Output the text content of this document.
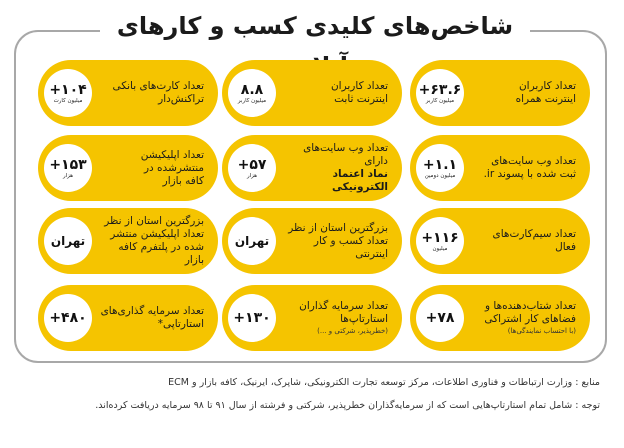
شاخص‌های کلیدی کسب و کارهای
۶۳.۶+
میلیون کاربر
تعداد کاربران
اینترنت همراه
۸.۸
میلیون کاربر
تعداد کاربران
اینترنت ثابت
۱۰۴+
میلیون کارت
تعداد کارت‌های بانکی
تراکنش‌دار
۱.۱+
میلیون دومین
تعداد وب سایت‌های
ثبت شده با پسوند ir.
۵۷+
هزار
تعداد وب سایت‌های دارای
نماد اعتماد الکترونیکی
۱۵۳+
هزار
تعداد اپلیکیشن
منتشرشده در
کافه بازار
۱۱۶+
میلیون
تعداد سیم‌کارت‌های فعال
تهران
بزرگترین استان از نظر
تعداد کسب و کار اینترنتی
تهران
بزرگترین استان از نظر
تعداد اپلیکیشن منتشر
شده در پلتفرم کافه بازار
۷۸+
تعداد شتاب‌دهنده‌ها و
فضاهای کار اشتراکی
(با احتساب نمایندگی‌ها)
۱۳۰+
تعداد سرمایه گذاران
استارتاپ‌ها
(خطرپذیر، شرکتی و ...)
۴۸۰+ تعداد سرمایه گذاری‌های
استارتاپی*
منابع : وزارت ارتباطات و فناوری اطلاعات، مرکز توسعه تجارت الکترونیکی، شاپرک، ایرنیک، کافه بازار و ECM
توجه : شامل تمام استارتاپ‌هایی است که از سرمایه‌گذاران خطرپذیر، شرکتی و فرشته از سال ۹۱ تا ۹۸ سرمایه دریافت کرده‌اند.
